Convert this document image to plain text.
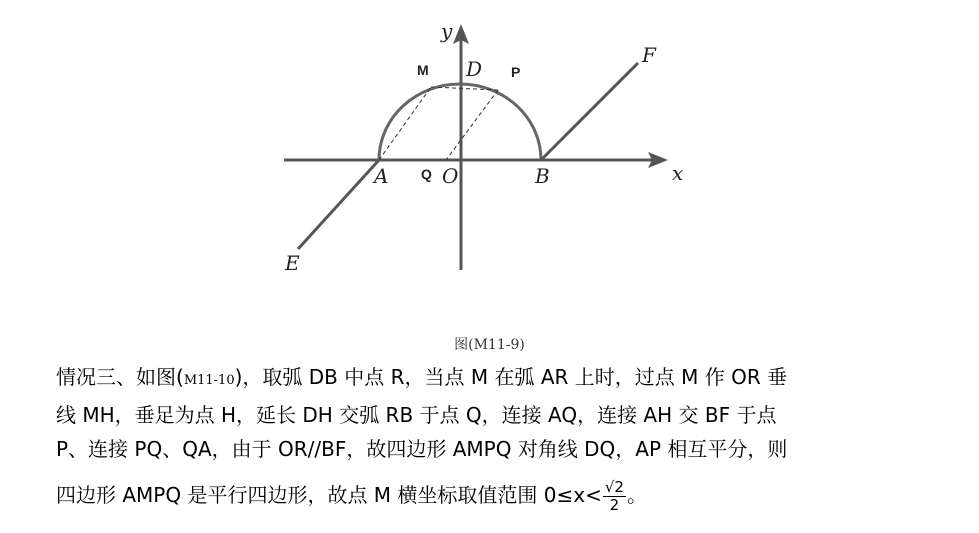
y
D
F
A	O	B	x
E
M	P
Q
图(M11-9)
情况三、如图(M11-10)，取弧 DB 中点 R，当点 M 在弧 AR 上时，过点 M 作 OR 垂
线 MH，垂足为点 H，延长 DH 交弧 RB 于点 Q，连接 AQ，连接 AH 交 BF 于点
P、连接 PQ、QA，由于 OR//BF，故四边形 AMPQ 对角线 DQ，AP 相互平分，则
四边形 AMPQ 是平行四边形，故点 M 横坐标取值范围 $0\le x< \frac{√2}{2}$ 。
